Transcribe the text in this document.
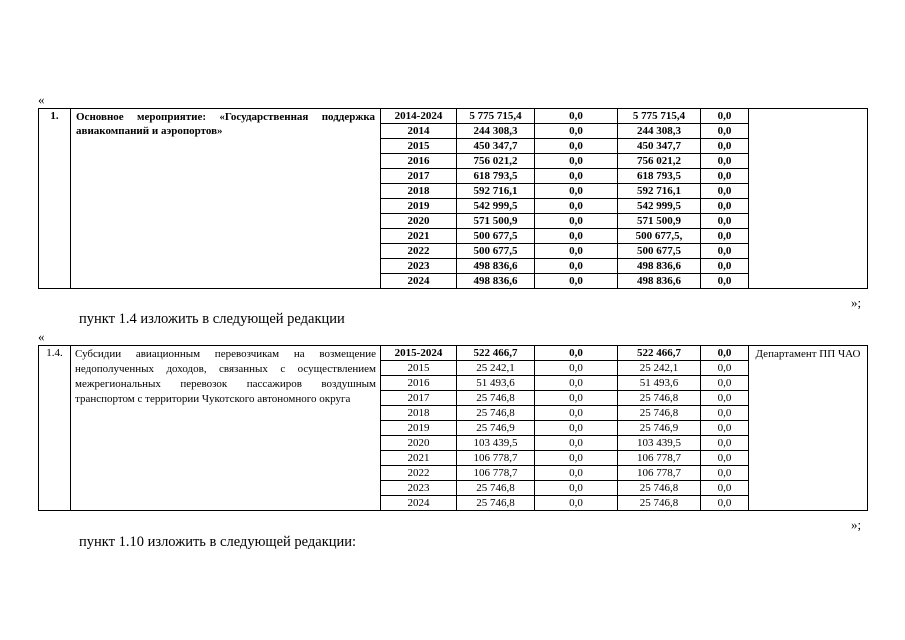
«
1.	Основное мероприятие: «Государственная поддержка авиакомпаний и аэропортов»	2014-2024	5 775 715,4	0,0	5 775 715,4	0,0	
		2014	244 308,3	0,0	244 308,3	0,0	
		2015	450 347,7	0,0	450 347,7	0,0	
		2016	756 021,2	0,0	756 021,2	0,0	
		2017	618 793,5	0,0	618 793,5	0,0	
		2018	592 716,1	0,0	592 716,1	0,0	
		2019	542 999,5	0,0	542 999,5	0,0	
		2020	571 500,9	0,0	571 500,9	0,0	
		2021	500 677,5	0,0	500 677,5,	0,0	
		2022	500 677,5	0,0	500 677,5	0,0	
		2023	498 836,6	0,0	498 836,6	0,0	
		2024	498 836,6	0,0	498 836,6	0,0	
»;
пункт 1.4 изложить в следующей редакции
«
1.4.	Субсидии авиационным перевозчикам на возмещение недополученных доходов, связанных с осуществлением межрегиональных перевозок пассажиров воздушным транспортом с территории Чукотского автономного округа	2015-2024	522 466,7	0,0	522 466,7	0,0	Департамент ПП ЧАО
		2015	25 242,1	0,0	25 242,1	0,0	
		2016	51 493,6	0,0	51 493,6	0,0	
		2017	25 746,8	0,0	25 746,8	0,0	
		2018	25 746,8	0,0	25 746,8	0,0	
		2019	25 746,9	0,0	25 746,9	0,0	
		2020	103 439,5	0,0	103 439,5	0,0	
		2021	106 778,7	0,0	106 778,7	0,0	
		2022	106 778,7	0,0	106 778,7	0,0	
		2023	25 746,8	0,0	25 746,8	0,0	
		2024	25 746,8	0,0	25 746,8	0,0	
»;
пункт 1.10 изложить в следующей редакции:
